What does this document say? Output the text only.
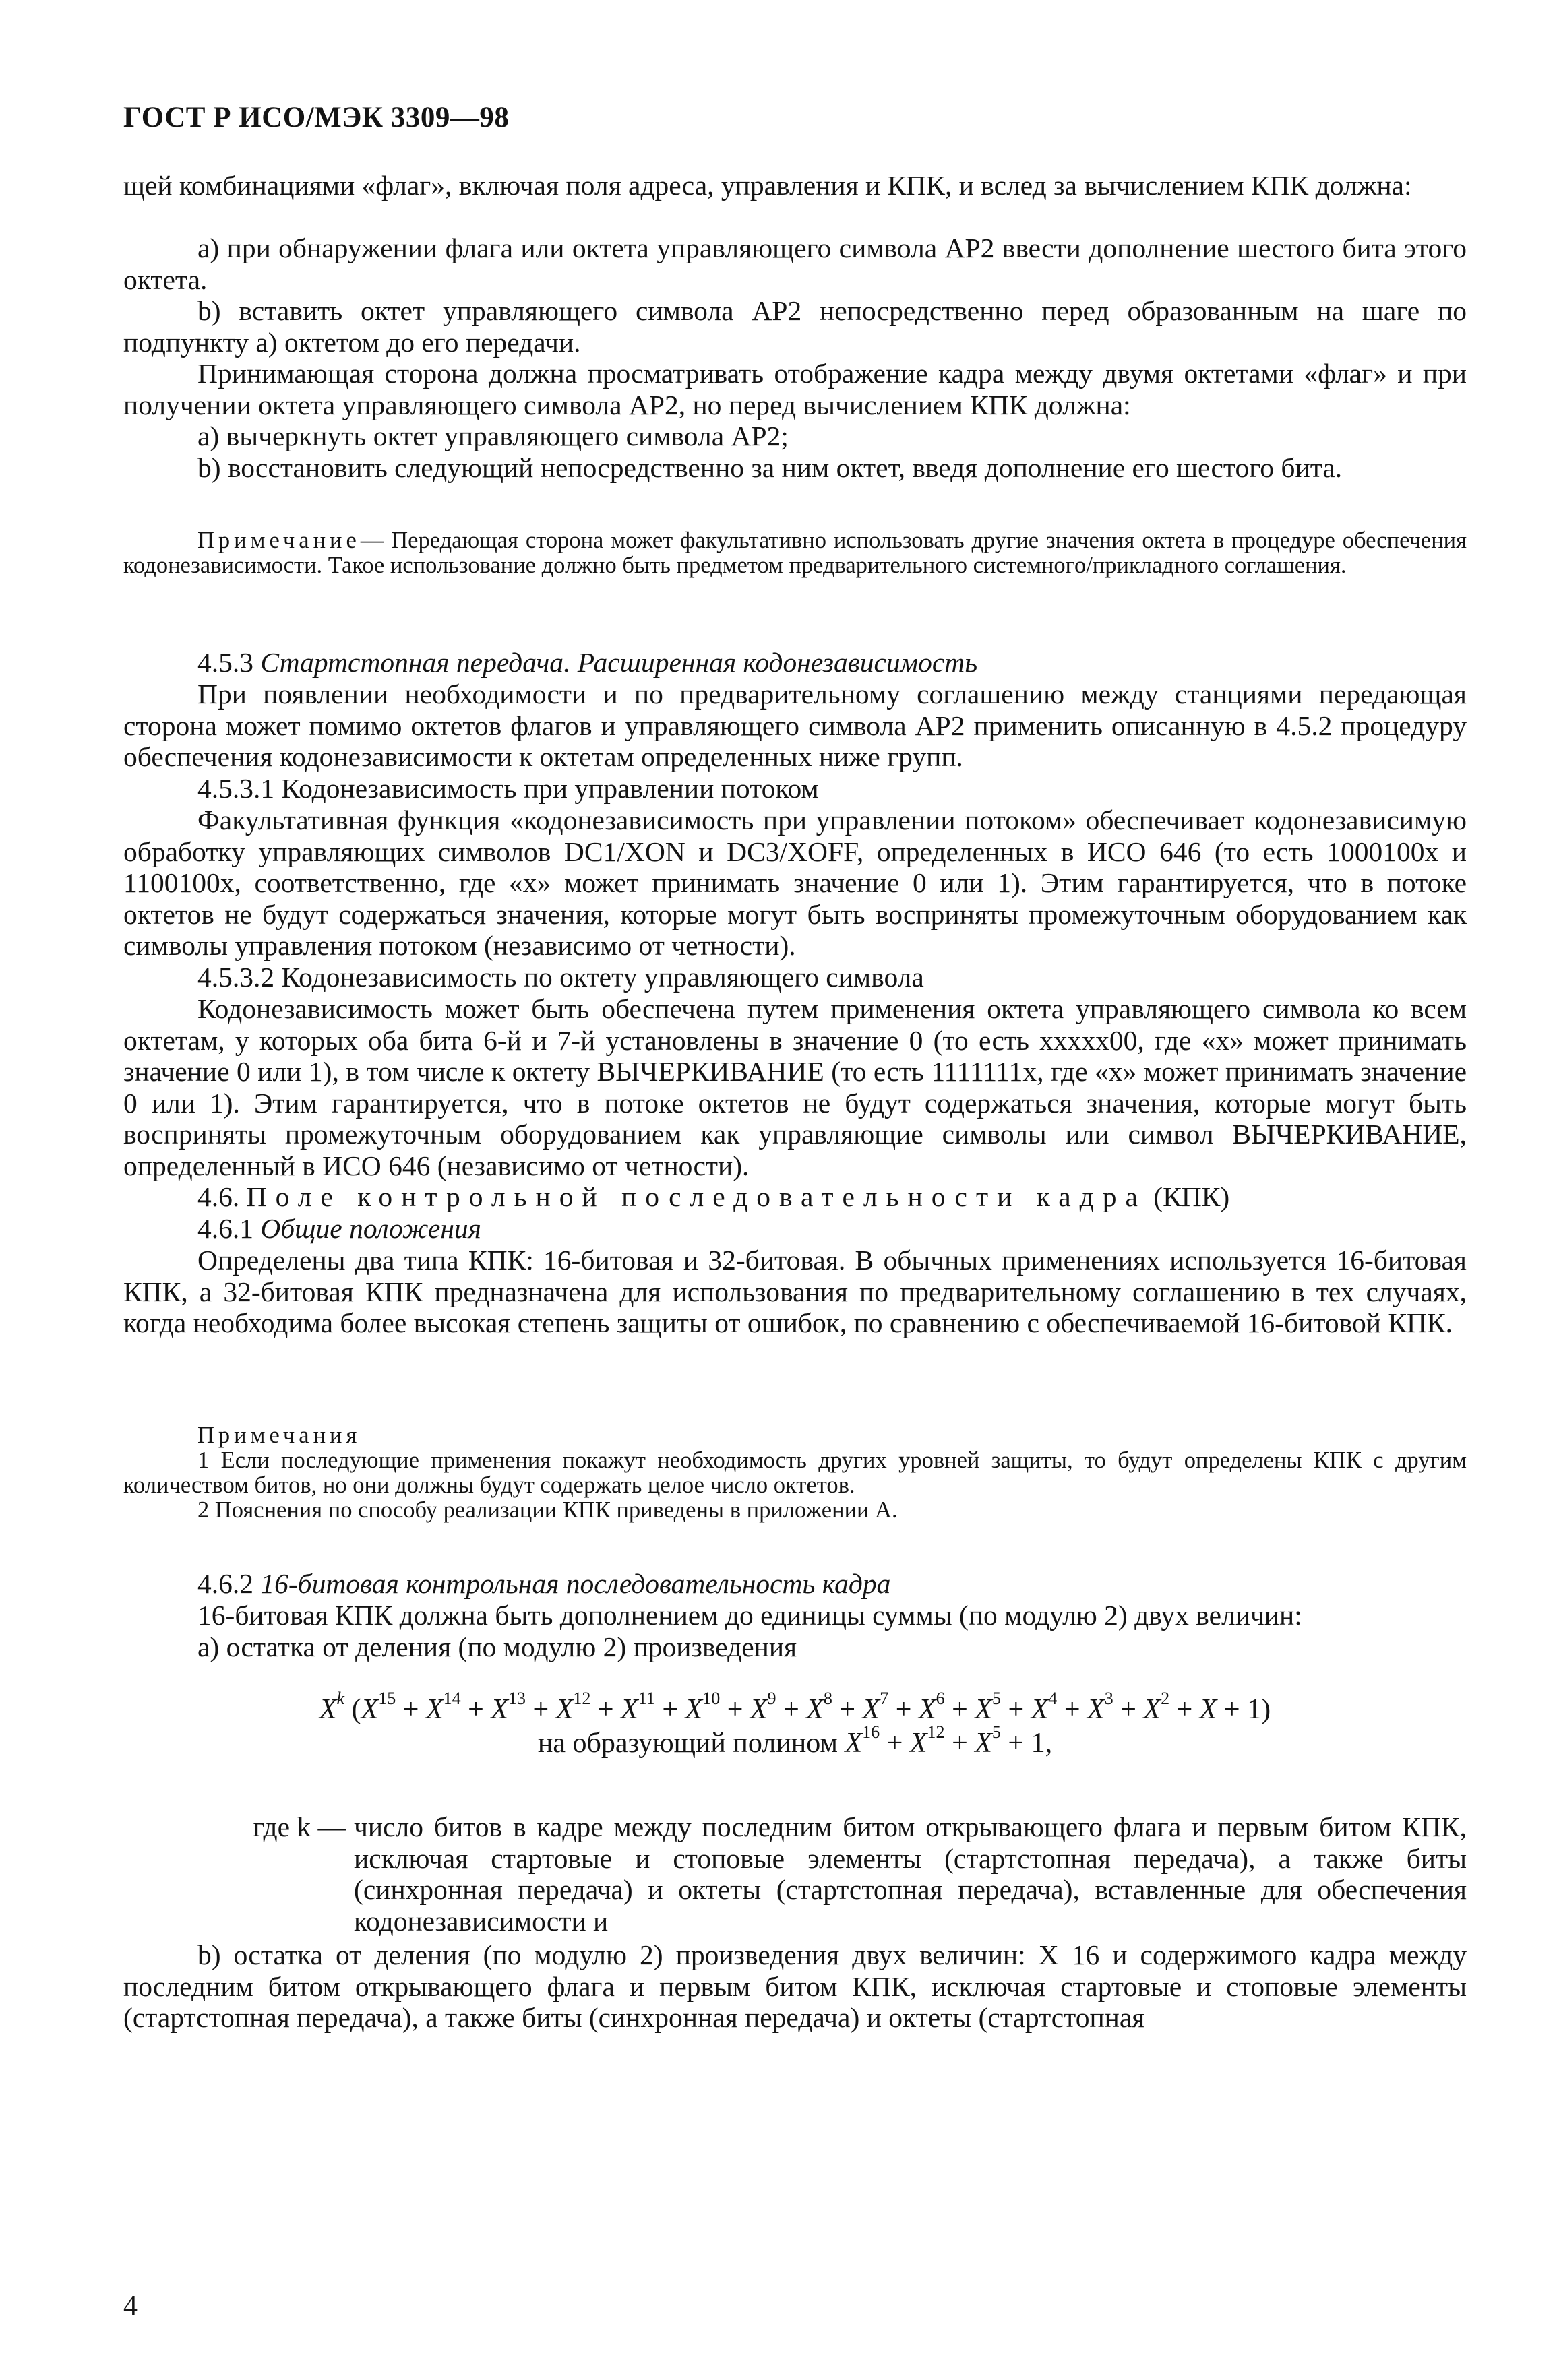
ГОСТ Р ИСО/МЭК 3309—98
щей комбинациями «флаг», включая поля адреса, управления и КПК, и вслед за вычислением КПК должна:
a) при обнаружении флага или октета управляющего символа AP2 ввести дополнение шестого бита этого октета.
b) вставить октет управляющего символа AP2 непосредственно перед образованным на шаге по подпункту a) октетом до его передачи.
Принимающая сторона должна просматривать отображение кадра между двумя октетами «флаг» и при получении октета управляющего символа AP2, но перед вычислением КПК должна:
a) вычеркнуть октет управляющего символа AP2;
b) восстановить следующий непосредственно за ним октет, введя дополнение его шестого бита.
Примечание— Передающая сторона может факультативно использовать другие значения октета в процедуре обеспечения кодонезависимости. Такое использование должно быть предметом предварительного системного/прикладного соглашения.
4.5.3 Стартстопная передача. Расширенная кодонезависимость
При появлении необходимости и по предварительному соглашению между станциями передающая сторона может помимо октетов флагов и управляющего символа AP2 применить описанную в 4.5.2 процедуру обеспечения кодонезависимости к октетам определенных ниже групп.
4.5.3.1 Кодонезависимость при управлении потоком
Факультативная функция «кодонезависимость при управлении потоком» обеспечивает кодонезависимую обработку управляющих символов DC1/XON и DC3/XOFF, определенных в ИСО 646 (то есть 1000100x и 1100100x, соответственно, где «x» может принимать значение 0 или 1). Этим гарантируется, что в потоке октетов не будут содержаться значения, которые могут быть восприняты промежуточным оборудованием как символы управления потоком (независимо от четности).
4.5.3.2 Кодонезависимость по октету управляющего символа
Кодонезависимость может быть обеспечена путем применения октета управляющего символа ко всем октетам, у которых оба бита 6-й и 7-й установлены в значение 0 (то есть xxxxx00, где «x» может принимать значение 0 или 1), в том числе к октету ВЫЧЕРКИВАНИЕ (то есть 1111111x, где «x» может принимать значение 0 или 1). Этим гарантируется, что в потоке октетов не будут содержаться значения, которые могут быть восприняты промежуточным оборудованием как управляющие символы или символ ВЫЧЕРКИВАНИЕ, определенный в ИСО 646 (независимо от четности).
4.6. Поле контрольной последовательности кадра (КПК)
4.6.1 Общие положения
Определены два типа КПК: 16-битовая и 32-битовая. В обычных применениях используется 16-битовая КПК, а 32-битовая КПК предназначена для использования по предварительному соглашению в тех случаях, когда необходима более высокая степень защиты от ошибок, по сравнению с обеспечиваемой 16-битовой КПК.
Примечания
1 Если последующие применения покажут необходимость других уровней защиты, то будут определены КПК с другим количеством битов, но они должны будут содержать целое число октетов.
2 Пояснения по способу реализации КПК приведены в приложении А.
4.6.2 16-битовая контрольная последовательность кадра
16-битовая КПК должна быть дополнением до единицы суммы (по модулю 2) двух величин:
a) остатка от деления (по модулю 2) произведения
$X^k$ $(X^{15} + X^{14} + X^{13} + X^{12} + X^{11} + X^{10} + X^9 + X^8 + X^7 + X^6 + X^5 + X^4 + X^3 + X^2 + X + 1)$
на образующий полином $X^{16} + X^{12} + X^5 + 1$,
где k — число битов в кадре между последним битом открывающего флага и первым битом КПК, исключая стартовые и стоповые элементы (стартстопная передача), а также биты (синхронная передача) и октеты (стартстопная передача), вставленные для обеспечения кодонезависимости и
b) остатка от деления (по модулю 2) произведения двух величин: X 16 и содержимого кадра между последним битом открывающего флага и первым битом КПК, исключая стартовые и стоповые элементы (стартстопная передача), а также биты (синхронная передача) и октеты (стартстопная
4
